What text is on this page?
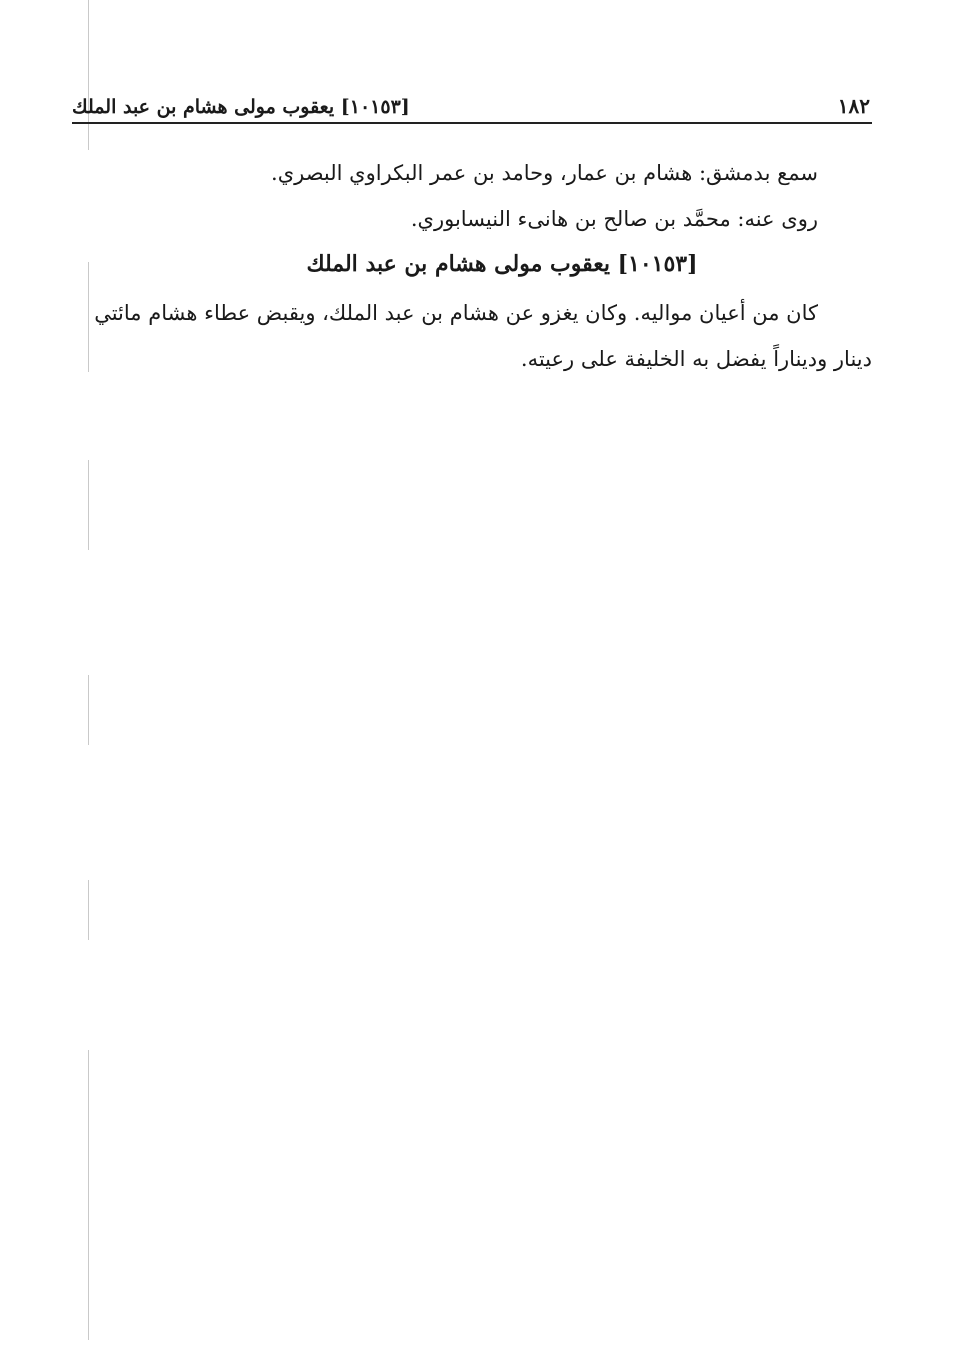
١٨٢
[١٠١٥٣] يعقوب مولى هشام بن عبد الملك

سمع بدمشق: هشام بن عمار، وحامد بن عمر البكراوي البصري.

روى عنه: محمَّد بن صالح بن هانىء النيسابوري.

[١٠١٥٣] يعقوب مولى هشام بن عبد الملك

كان من أعيان مواليه. وكان يغزو عن هشام بن عبد الملك، ويقبض عطاء هشام مائتي
دينار وديناراً يفضل به الخليفة على رعيته.
